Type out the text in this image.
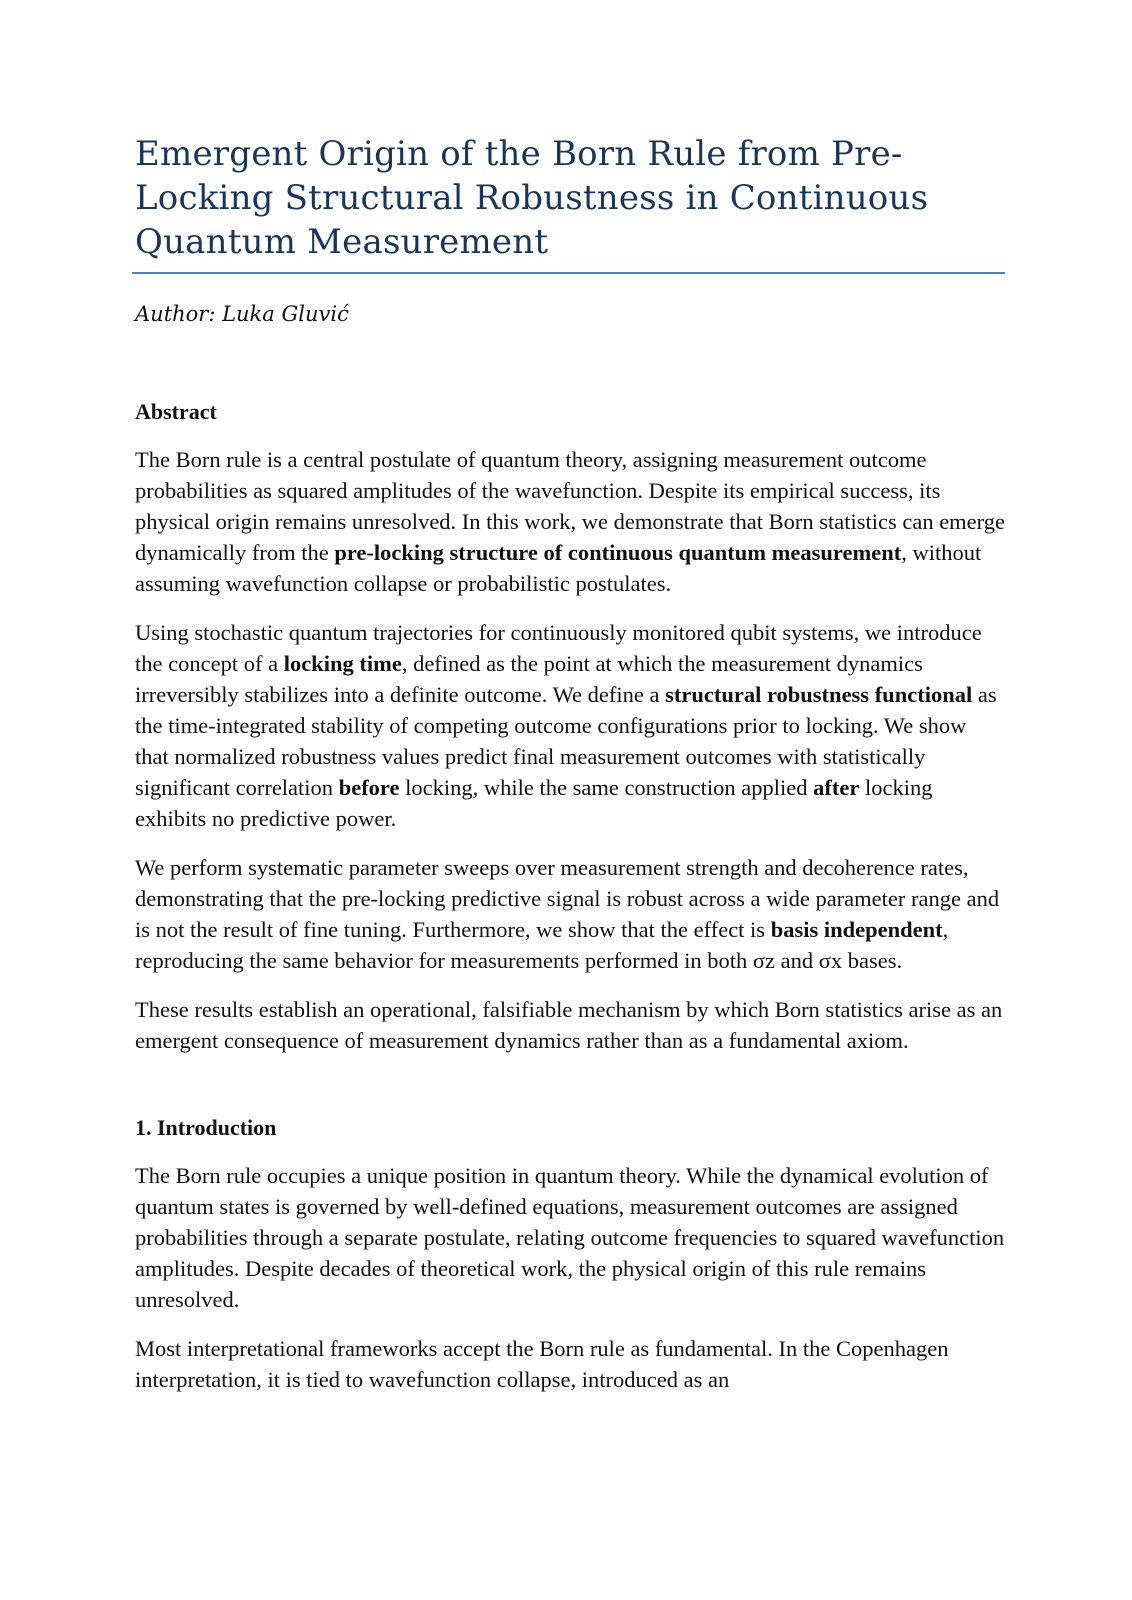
Emergent Origin of the Born Rule from Pre-Locking Structural Robustness in Continuous Quantum Measurement
Author: Luka Gluvić
Abstract

The Born rule is a central postulate of quantum theory, assigning measurement outcome probabilities as squared amplitudes of the wavefunction. Despite its empirical success, its physical origin remains unresolved. In this work, we demonstrate that Born statistics can emerge dynamically from the pre-locking structure of continuous quantum measurement, without assuming wavefunction collapse or probabilistic postulates.

Using stochastic quantum trajectories for continuously monitored qubit systems, we introduce the concept of a locking time, defined as the point at which the measurement dynamics irreversibly stabilizes into a definite outcome. We define a structural robustness functional as the time-integrated stability of competing outcome configurations prior to locking. We show that normalized robustness values predict final measurement outcomes with statistically significant correlation before locking, while the same construction applied after locking exhibits no predictive power.

We perform systematic parameter sweeps over measurement strength and decoherence rates, demonstrating that the pre-locking predictive signal is robust across a wide parameter range and is not the result of fine tuning. Furthermore, we show that the effect is basis independent, reproducing the same behavior for measurements performed in both σz and σx bases.

These results establish an operational, falsifiable mechanism by which Born statistics arise as an emergent consequence of measurement dynamics rather than as a fundamental axiom.

1. Introduction

The Born rule occupies a unique position in quantum theory. While the dynamical evolution of quantum states is governed by well-defined equations, measurement outcomes are assigned probabilities through a separate postulate, relating outcome frequencies to squared wavefunction amplitudes. Despite decades of theoretical work, the physical origin of this rule remains unresolved.

Most interpretational frameworks accept the Born rule as fundamental. In the Copenhagen interpretation, it is tied to wavefunction collapse, introduced as an
